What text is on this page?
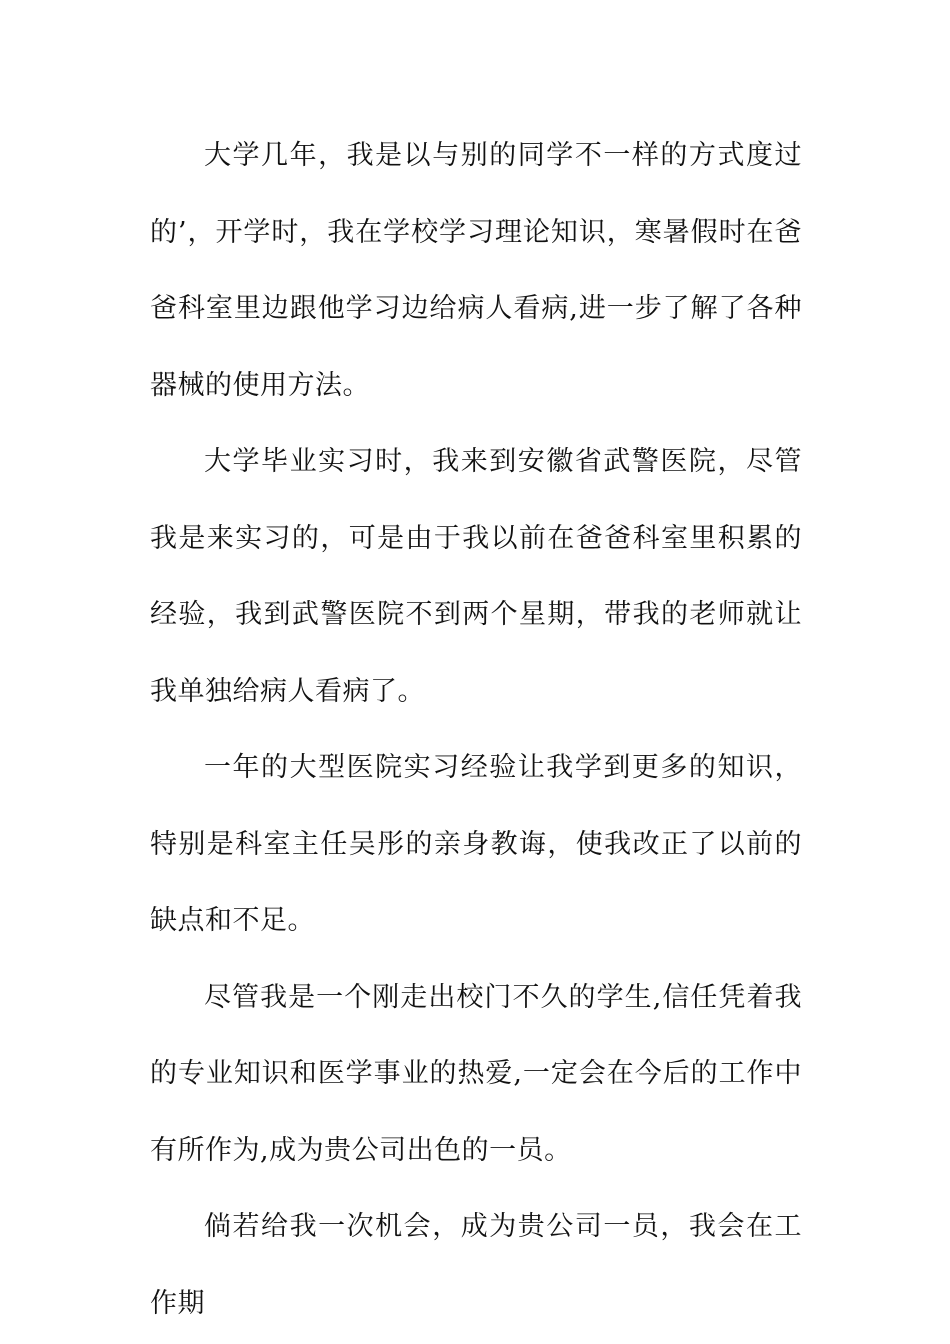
大学几年，我是以与别的同学不一样的方式度过的’，开学时，我在学校学习理论知识，寒暑假时在爸爸科室里边跟他学习边给病人看病,进一步了解了各种器械的使用方法。

大学毕业实习时，我来到安徽省武警医院，尽管我是来实习的，可是由于我以前在爸爸科室里积累的经验，我到武警医院不到两个星期，带我的老师就让我单独给病人看病了。

一年的大型医院实习经验让我学到更多的知识，特别是科室主任吴彤的亲身教诲，使我改正了以前的缺点和不足。

尽管我是一个刚走出校门不久的学生,信任凭着我的专业知识和医学事业的热爱,一定会在今后的工作中有所作为,成为贵公司出色的一员。

倘若给我一次机会，成为贵公司一员，我会在工作期
